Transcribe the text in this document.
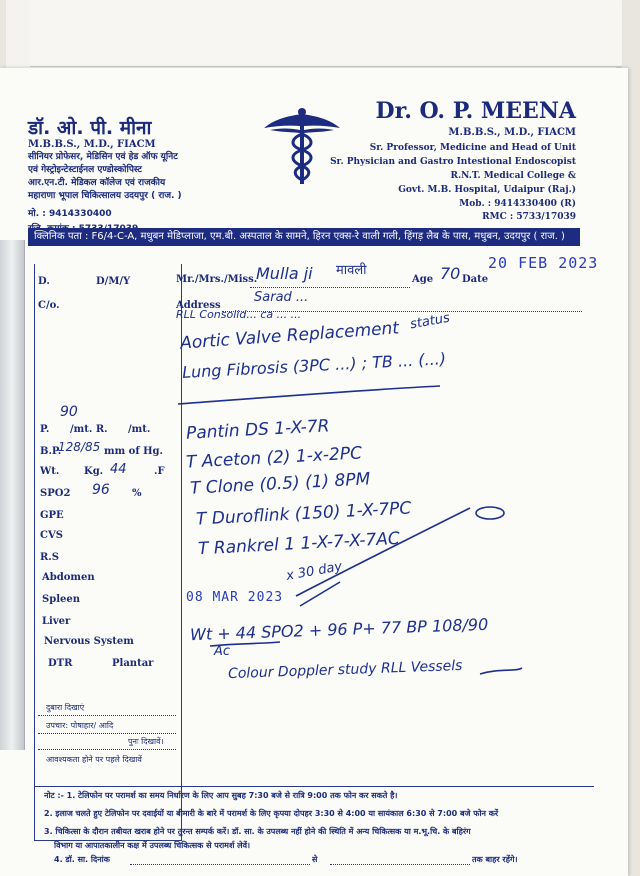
डॉ. ओ. पी. मीना
M.B.B.S., M.D., FIACM
सीनियर प्रोफेसर, मेडिसिन एवं हेड ऑफ यूनिट
एवं गेस्ट्रोइन्टेस्टाईनल एण्डोस्कोपिस्ट
आर.एन.टी. मेडिकल कॉलेज एवं राजकीय
महाराणा भूपाल चिकित्सालय उदयपुर ( राज. )
मो. : 9414330400
Dr. O. P. MEENA
M.B.B.S., M.D., FIACM
Sr. Professor, Medicine and Head of Unit
Sr. Physician and Gastro Intestional Endoscopist
R.N.T. Medical College &
Govt. M.B. Hospital, Udaipur (Raj.)
Mob. : 9414330400 (R)
RMC : 5733/17039
क्लिनिक पता : F6/4-C-A, मधुबन मेडिप्लाजा, एम.बी. अस्पताल के सामने, हिरन एक्स-रे वाली गली, हिंगड़ लैब के पास, मधुबन, उदयपुर ( राज. )
D.	D/M/Y
C/o.
P. /mt. R. /mt.
B.P.	mm of Hg.
Wt. Kg.	.F
SPO2	%
GPE
CVS
R.S
Abdomen
Spleen
Liver
Nervous System
DTR	Plantar
दुबारा दिखाएं
उपचार: पोषाहार/ आदि
पुनः दिखावें।
आवश्यकता होने पर पहले दिखावें
Mr./Mrs./Miss.	Age	Date
Address
20 FEB 2023
08 MAR 2023
Mulla ji मावली	70
Sarad ...
RLL Consolid... ca ... ...
Aortic Valve Replacement status
Lung Fibrosis (3PC ...) ; TB ... (...)
90
128/85
44
96
Pantin DS 1-X-7R
T Aceton (2) 1-x-2PC
T Clone (0.5) (1) 8PM
T Duroflink (150) 1-X-7PC
T Rankrel 1 1-X-7-X-7AC
x 30 day
Wt + 44 SPO2 + 96 P+ 77 BP 108/90
Ac
Colour Doppler study RLL Vessels
नोट :- 1. टेलिफोन पर परामर्श का समय निर्धारण के लिए आप सुबह 7:30 बजे से रात्रि 9:00 तक फोन कर सकते है।
2. इलाज चलते हुए टेलिफोन पर दवाईयों या बीमारी के बारे में परामर्श के लिए कृपया दोपहर 3:30 से 4:00 या सायंकाल 6:30 से 7:00 बजे फोन करें
3. चिकित्सा के दौरान तबीयत खराब होने पर तुरन्त सम्पर्क करें। डॉ. सा. के उपलब्ध नहीं होने की स्थिति में अन्य चिकित्सक या म.भू.चि. के बहिरंग
विभाग या आपातकालीन कक्ष में उपलब्ध चिकित्सक से परामर्श लेवें।
4. डॉ. सा. दिनांक	से	तक बाहर रहेंगे।
